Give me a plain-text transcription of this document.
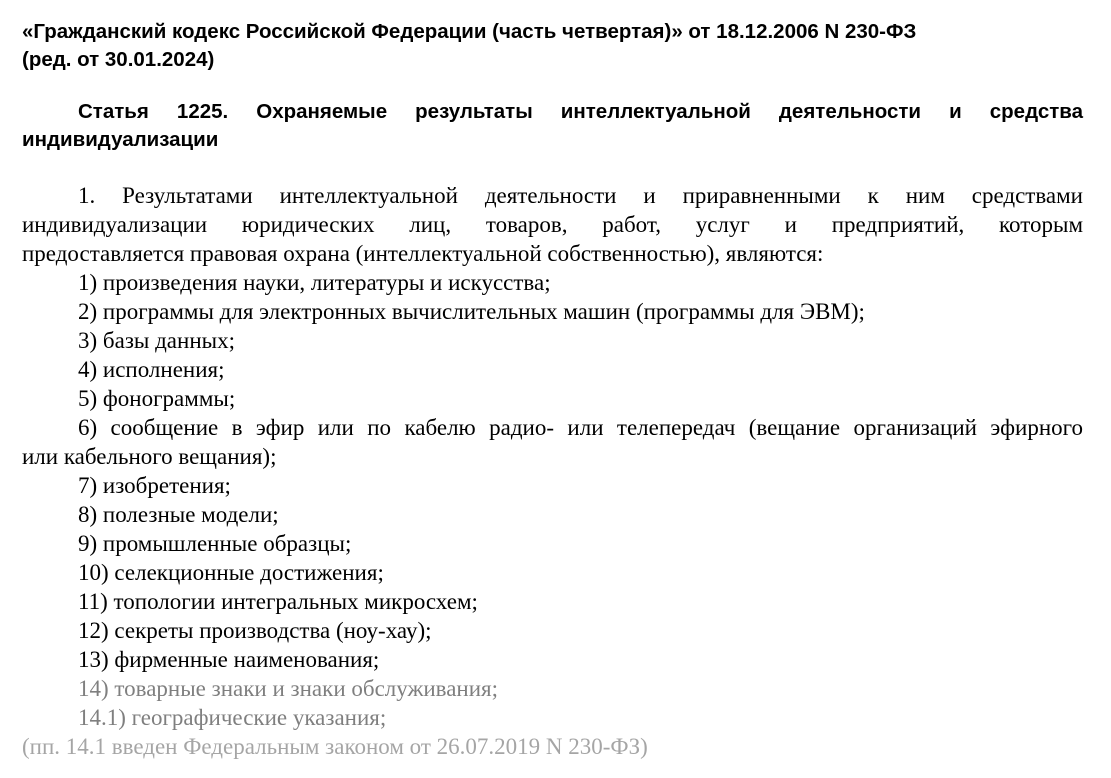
«Гражданский кодекс Российской Федерации (часть четвертая)» от 18.12.2006 N 230-ФЗ
(ред. от 30.01.2024)
Статья 1225. Охраняемые результаты интеллектуальной деятельности и средства
индивидуализации
1. Результатами интеллектуальной деятельности и приравненными к ним средствами
индивидуализации юридических лиц, товаров, работ, услуг и предприятий, которым
предоставляется правовая охрана (интеллектуальной собственностью), являются:
1) произведения науки, литературы и искусства;
2) программы для электронных вычислительных машин (программы для ЭВМ);
3) базы данных;
4) исполнения;
5) фонограммы;
6) сообщение в эфир или по кабелю радио- или телепередач (вещание организаций эфирного
или кабельного вещания);
7) изобретения;
8) полезные модели;
9) промышленные образцы;
10) селекционные достижения;
11) топологии интегральных микросхем;
12) секреты производства (ноу-хау);
13) фирменные наименования;
14) товарные знаки и знаки обслуживания;
14.1) географические указания;
(пп. 14.1 введен Федеральным законом от 26.07.2019 N 230-ФЗ)
